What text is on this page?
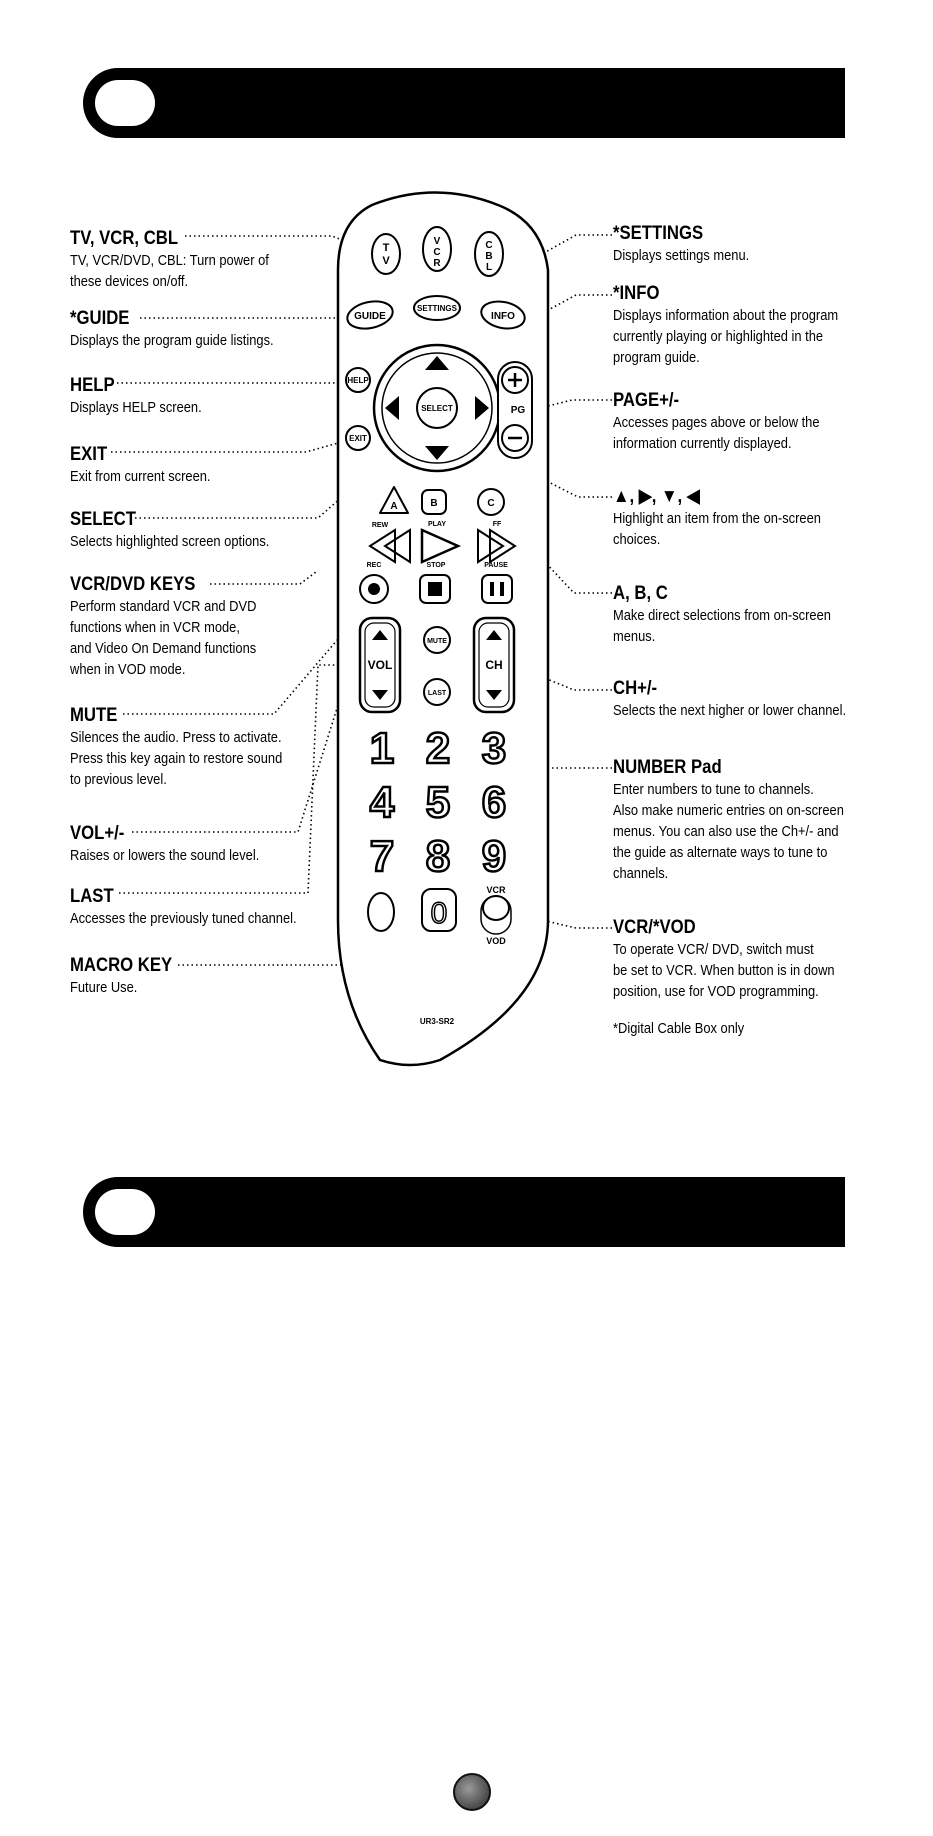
TV, VCR, CBL
TV, VCR/DVD, CBL: Turn power of
these devices on/off.
*GUIDE
Displays the program guide listings.
HELP
Displays HELP screen.
EXIT
Exit from current screen.
SELECT
Selects highlighted screen options.
VCR/DVD KEYS
Perform standard VCR and DVD
functions when in VCR mode,
and Video On Demand functions
when in VOD mode.
MUTE
Silences the audio. Press to activate.
Press this key again to restore sound
to previous level.
VOL+/-
Raises or lowers the sound level.
LAST
Accesses the previously tuned channel.
MACRO KEY
Future Use.
*SETTINGS
Displays settings menu.
*INFO
Displays information about the program
currently playing or highlighted in the
program guide.
PAGE+/-
Accesses pages above or below the
information currently displayed.
▲, ▶, ▼, ◀
Highlight an item from the on-screen
choices.
A, B, C
Make direct selections from on-screen
menus.
CH+/-
Selects the next higher or lower channel.
NUMBER Pad
Enter numbers to tune to channels.
Also make numeric entries on on-screen
menus. You can also use the Ch+/- and
the guide as alternate ways to tune to
channels.
VCR/*VOD
To operate VCR/ DVD, switch must
be set to VCR. When button is in down
position, use for VOD programming.
*Digital Cable Box only
T
V
V
C
R
C
B
L
GUIDE
SETTINGS
INFO
HELP
EXIT
SELECT	PG
A	B	C
REW	PLAY	FF
REC	STOP	PAUSE
VOL	CH
MUTE
LAST
1 2 3
4 5 6
7 8 9
0
VCR
VOD
UR3-SR2
